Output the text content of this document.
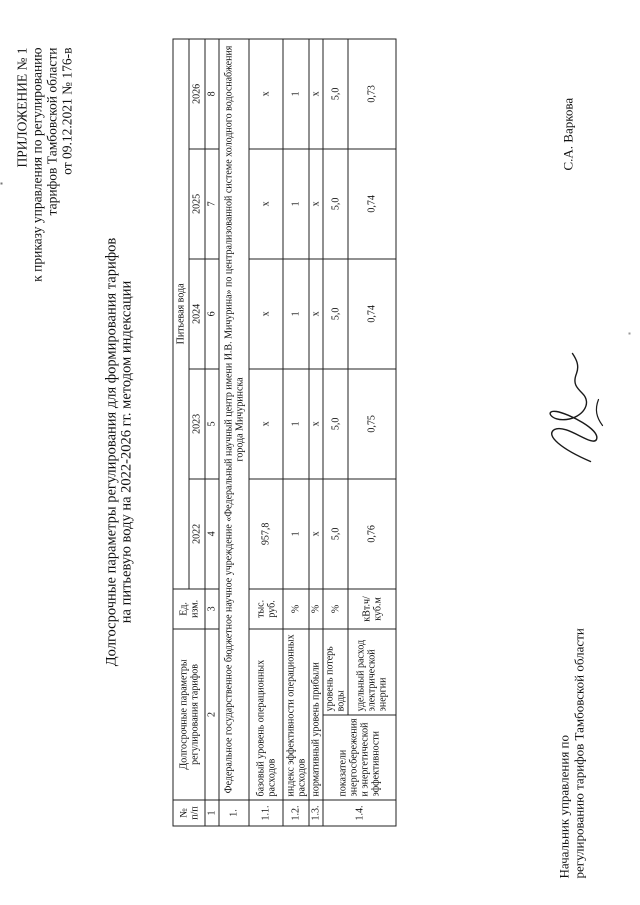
ПРИЛОЖЕНИЕ № 1 к приказу управления по регулированию тарифов Тамбовской области от 09.12.2021 № 176-в
Долгосрочные параметры регулирования для формирования тарифов на питьевую воду на 2022-2026 гг. методом индексации
№ п/п	Долгосрочные параметры регулирования тарифов		Ед. изм.	Питьевая вода				
				2022	2023	2024	2025	2026
1	2		3	4	5	6	7	8
1.	Федеральное государственное бюджетное научное учреждение «Федеральный научный центр имени И.В. Мичурина» по централизованной системе холодного водоснабжения города Мичуринска							
1.1.	базовый уровень операционных расходов		тыс. руб.	957,8	х	х	х	х
1.2.	индекс эффективности операционных расходов		%	1	1	1	1	1
1.3.	нормативный уровень прибыли		%	х	х	х	х	х
1.4.	показатели энергосбережения и энергетической эффективности	уровень потерь воды	%	5,0	5,0	5,0	5,0	5,0
		удельный расход электрической энергии	кВт.ч/ куб.м	0,76	0,75	0,74	0,74	0,73
Начальник управления по регулированию тарифов Тамбовской области
С.А. Варкова
